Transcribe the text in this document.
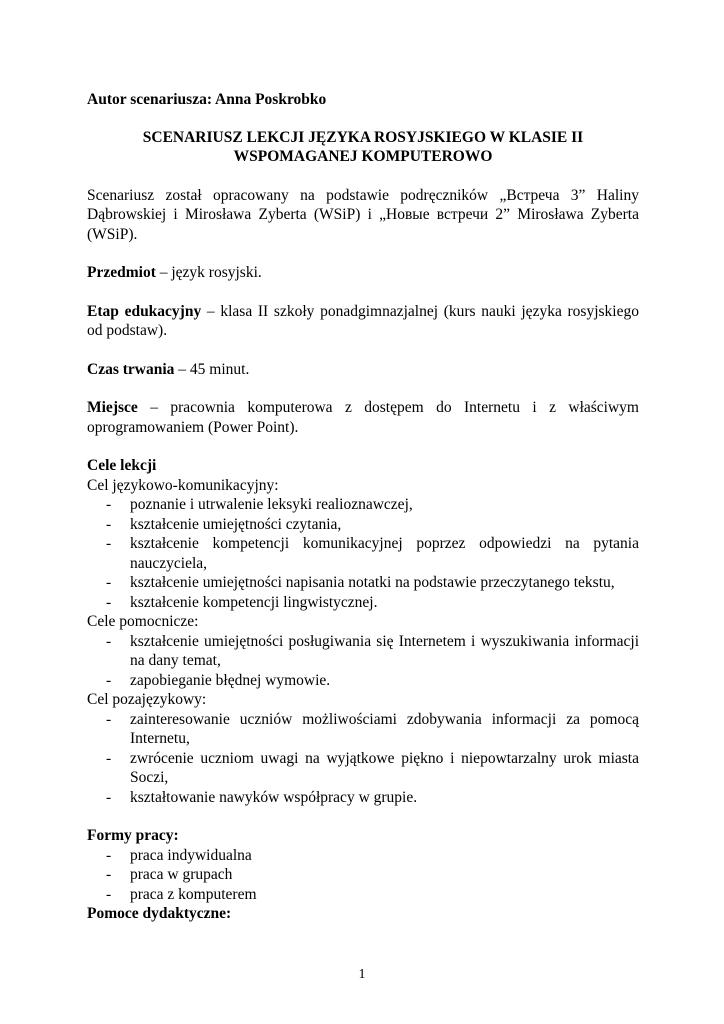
Autor scenariusza: Anna Poskrobko

SCENARIUSZ LEKCJI JĘZYKA ROSYJSKIEGO W KLASIE II
WSPOMAGANEJ KOMPUTEROWO

Scenariusz został opracowany na podstawie podręczników „Встреча 3” Haliny Dąbrowskiej i Mirosława Zyberta (WSiP) i „Новые встречи 2” Mirosława Zyberta (WSiP).

Przedmiot – język rosyjski.

Etap edukacyjny – klasa II szkoły ponadgimnazjalnej (kurs nauki języka rosyjskiego od podstaw).

Czas trwania – 45 minut.

Miejsce – pracownia komputerowa z dostępem do Internetu i z właściwym oprogramowaniem (Power Point).

Cele lekcji

Cel językowo-komunikacyjny:

- poznanie i utrwalenie leksyki realioznawczej,
- kształcenie umiejętności czytania,
- kształcenie kompetencji komunikacyjnej poprzez odpowiedzi na pytania nauczyciela,
- kształcenie umiejętności napisania notatki na podstawie przeczytanego tekstu,
- kształcenie kompetencji lingwistycznej.

Cele pomocnicze:

- kształcenie umiejętności posługiwania się Internetem i wyszukiwania informacji na dany temat,
- zapobieganie błędnej wymowie.

Cel pozajęzykowy:

- zainteresowanie uczniów możliwościami zdobywania informacji za pomocą Internetu,
- zwrócenie uczniom uwagi na wyjątkowe piękno i niepowtarzalny urok miasta Soczi,
- kształtowanie nawyków współpracy w grupie.

Formy pracy:

- praca indywidualna
- praca w grupach
- praca z komputerem

Pomoce dydaktyczne:

1
